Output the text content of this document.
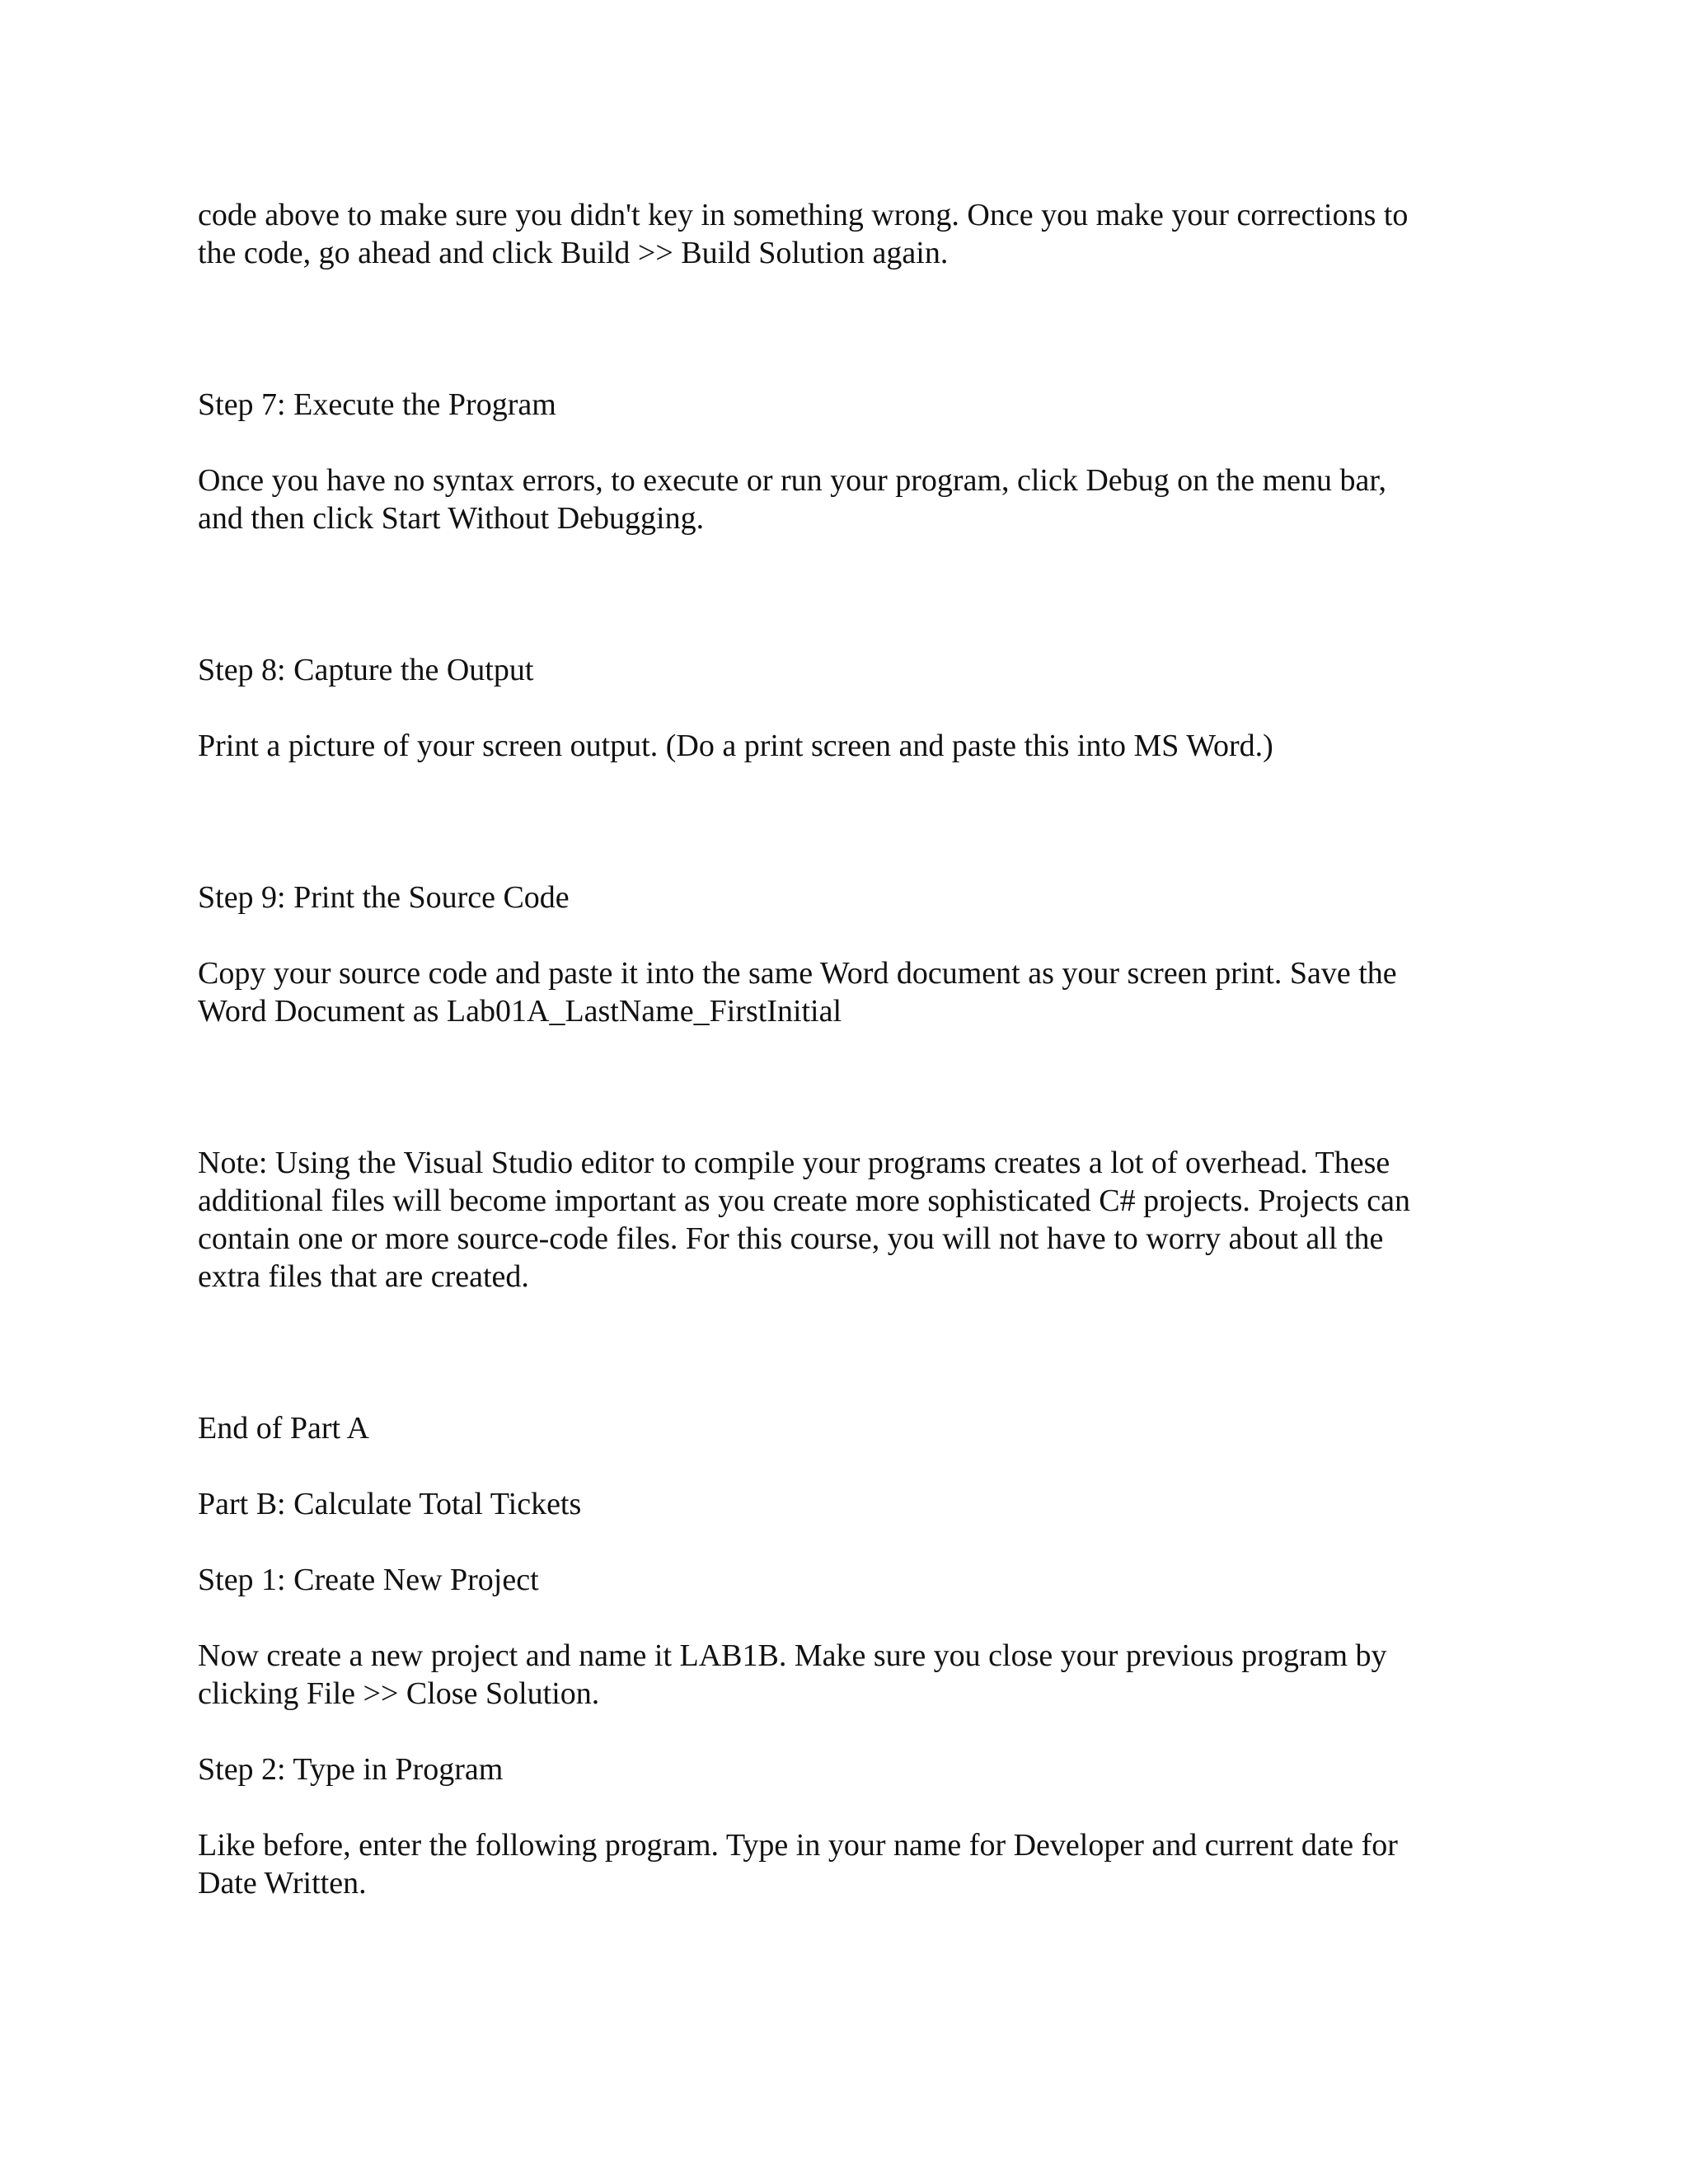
code above to make sure you didn't key in something wrong. Once you make your corrections to
the code, go ahead and click Build >> Build Solution again.

Step 7: Execute the Program

Once you have no syntax errors, to execute or run your program, click Debug on the menu bar,
and then click Start Without Debugging.

Step 8: Capture the Output

Print a picture of your screen output. (Do a print screen and paste this into MS Word.)

Step 9: Print the Source Code

Copy your source code and paste it into the same Word document as your screen print. Save the
Word Document as Lab01A_LastName_FirstInitial

Note: Using the Visual Studio editor to compile your programs creates a lot of overhead. These
additional files will become important as you create more sophisticated C# projects. Projects can
contain one or more source-code files. For this course, you will not have to worry about all the
extra files that are created.

End of Part A

Part B: Calculate Total Tickets

Step 1: Create New Project

Now create a new project and name it LAB1B. Make sure you close your previous program by
clicking File >> Close Solution.

Step 2: Type in Program

Like before, enter the following program. Type in your name for Developer and current date for
Date Written.
